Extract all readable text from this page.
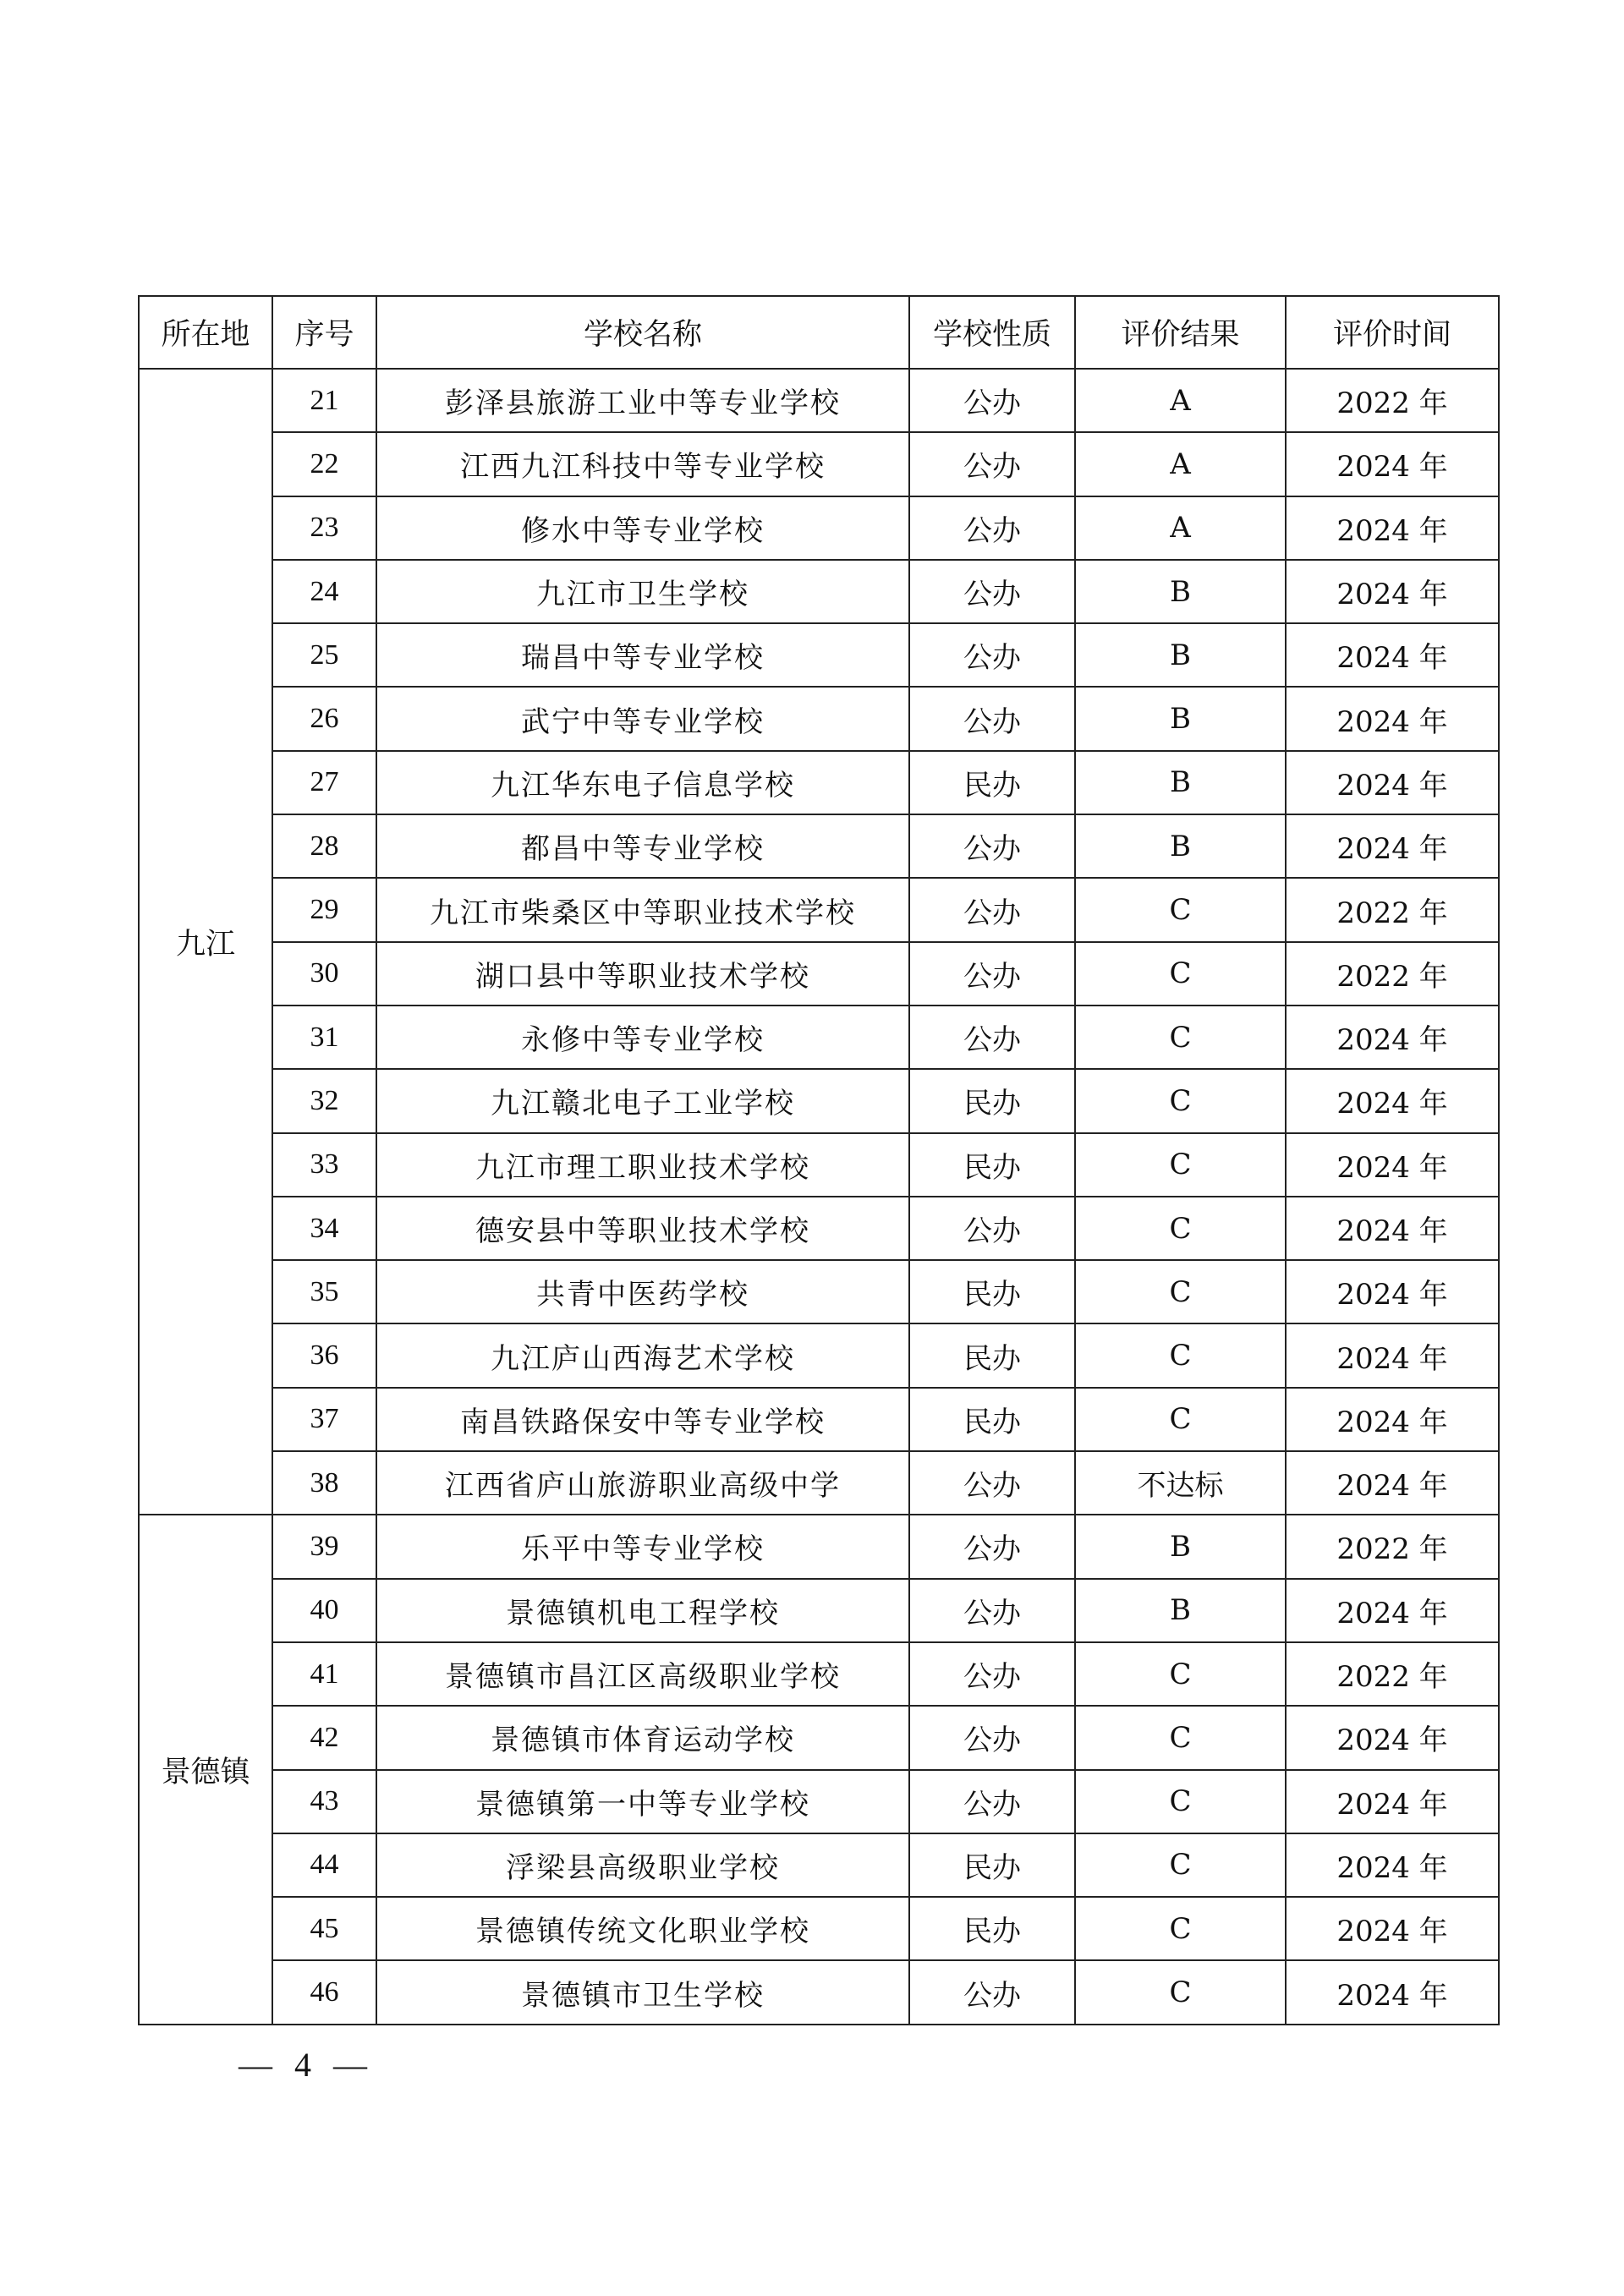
所在地	序号	学校名称	学校性质	评价结果	评价时间
九江	21	彭泽县旅游工业中等专业学校	公办	A	2022 年
	22	江西九江科技中等专业学校	公办	A	2024 年
	23	修水中等专业学校	公办	A	2024 年
	24	九江市卫生学校	公办	B	2024 年
	25	瑞昌中等专业学校	公办	B	2024 年
	26	武宁中等专业学校	公办	B	2024 年
	27	九江华东电子信息学校	民办	B	2024 年
	28	都昌中等专业学校	公办	B	2024 年
	29	九江市柴桑区中等职业技术学校	公办	C	2022 年
	30	湖口县中等职业技术学校	公办	C	2022 年
	31	永修中等专业学校	公办	C	2024 年
	32	九江赣北电子工业学校	民办	C	2024 年
	33	九江市理工职业技术学校	民办	C	2024 年
	34	德安县中等职业技术学校	公办	C	2024 年
	35	共青中医药学校	民办	C	2024 年
	36	九江庐山西海艺术学校	民办	C	2024 年
	37	南昌铁路保安中等专业学校	民办	C	2024 年
	38	江西省庐山旅游职业高级中学	公办	不达标	2024 年
景德镇	39	乐平中等专业学校	公办	B	2022 年
	40	景德镇机电工程学校	公办	B	2024 年
	41	景德镇市昌江区高级职业学校	公办	C	2022 年
	42	景德镇市体育运动学校	公办	C	2024 年
	43	景德镇第一中等专业学校	公办	C	2024 年
	44	浮梁县高级职业学校	民办	C	2024 年
	45	景德镇传统文化职业学校	民办	C	2024 年
	46	景德镇市卫生学校	公办	C	2024 年
— 4 —
